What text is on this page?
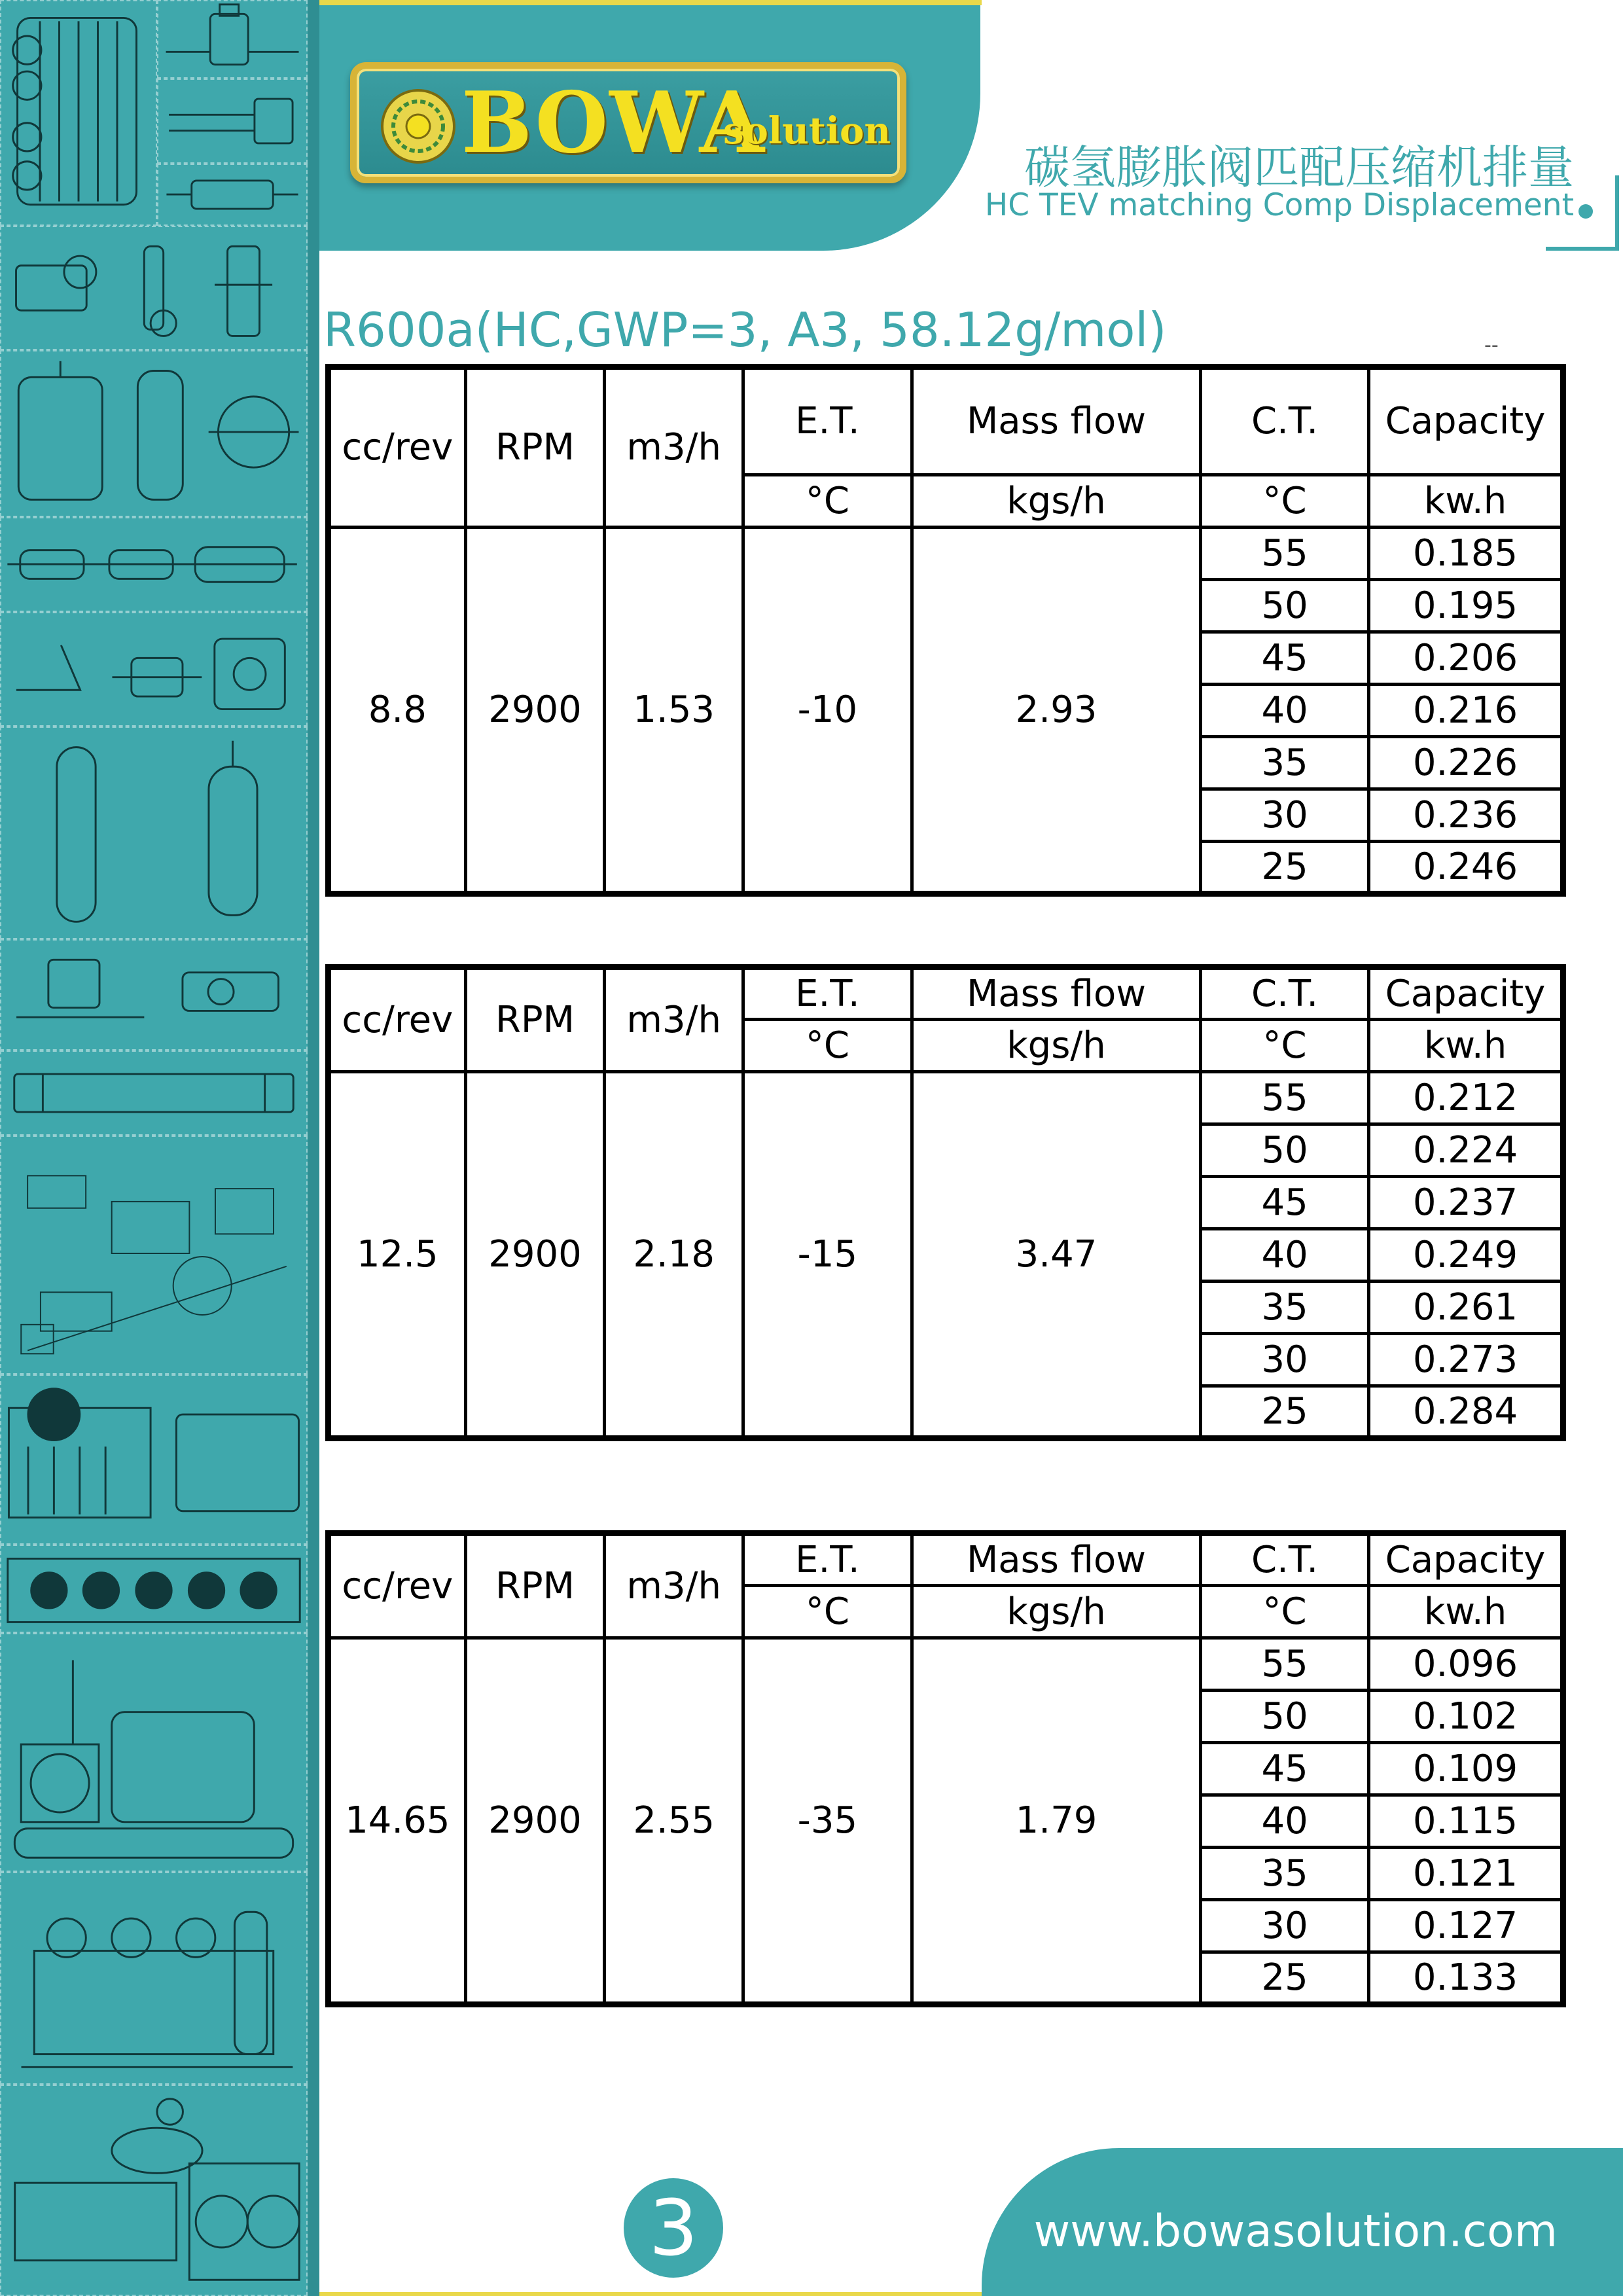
BOWA
solution
碳氢膨胀阀匹配压缩机排量
HC TEV matching Comp Displacement
R600a(HC,GWP=3, A3, 58.12g/mol)	--
cc/rev	RPM	m3/h	E.T.	Mass flow	C.T.	Capacity
			°C	kgs/h	°C	kw.h
8.8	2900	1.53	-10	2.93	55	0.185
					50	0.195
					45	0.206
					40	0.216
					35	0.226
					30	0.236
					25	0.246
cc/rev	RPM	m3/h	E.T.	Mass flow	C.T.	Capacity
			°C	kgs/h	°C	kw.h
12.5	2900	2.18	-15	3.47	55	0.212
					50	0.224
					45	0.237
					40	0.249
					35	0.261
					30	0.273
					25	0.284
cc/rev	RPM	m3/h	E.T.	Mass flow	C.T.	Capacity
			°C	kgs/h	°C	kw.h
14.65	2900	2.55	-35	1.79	55	0.096
					50	0.102
					45	0.109
					40	0.115
					35	0.121
					30	0.127
					25	0.133
3	www.bowasolution.com
